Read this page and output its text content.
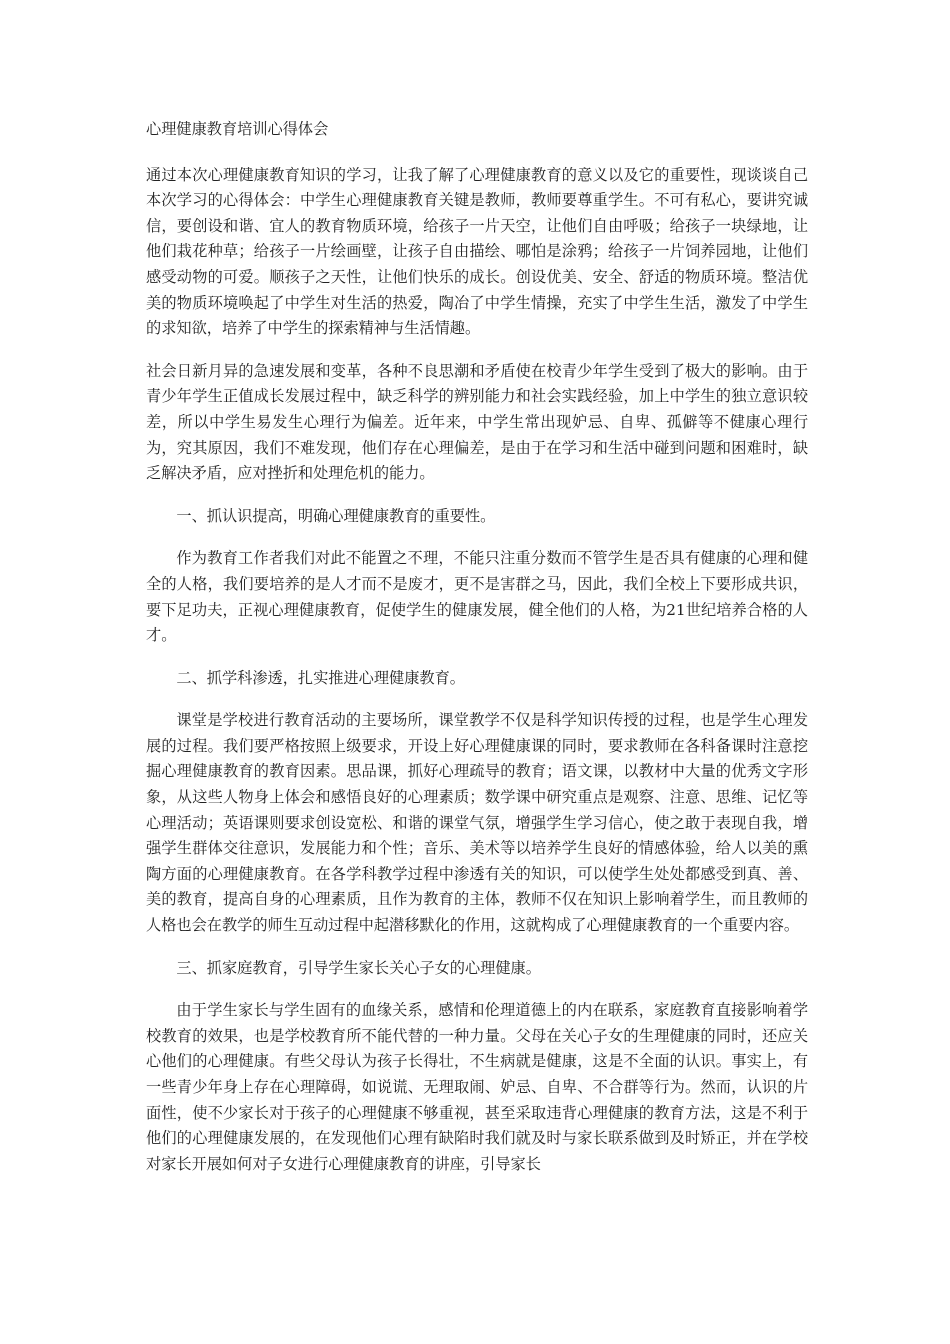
心理健康教育培训心得体会

通过本次心理健康教育知识的学习，让我了解了心理健康教育的意义以及它的重要性，现谈谈自己本次学习的心得体会：中学生心理健康教育关键是教师，教师要尊重学生。不可有私心，要讲究诚信，要创设和谐、宜人的教育物质环境，给孩子一片天空，让他们自由呼吸；给孩子一块绿地，让他们栽花种草；给孩子一片绘画壁，让孩子自由描绘、哪怕是涂鸦；给孩子一片饲养园地，让他们感受动物的可爱。顺孩子之天性，让他们快乐的成长。创设优美、安全、舒适的物质环境。整洁优美的物质环境唤起了中学生对生活的热爱，陶冶了中学生情操，充实了中学生生活，激发了中学生的求知欲，培养了中学生的探索精神与生活情趣。

社会日新月异的急速发展和变革，各种不良思潮和矛盾使在校青少年学生受到了极大的影响。由于青少年学生正值成长发展过程中，缺乏科学的辨别能力和社会实践经验，加上中学生的独立意识较差，所以中学生易发生心理行为偏差。近年来，中学生常出现妒忌、自卑、孤僻等不健康心理行为，究其原因，我们不难发现，他们存在心理偏差，是由于在学习和生活中碰到问题和困难时，缺乏解决矛盾，应对挫折和处理危机的能力。

一、抓认识提高，明确心理健康教育的重要性。

作为教育工作者我们对此不能置之不理，不能只注重分数而不管学生是否具有健康的心理和健全的人格，我们要培养的是人才而不是废才，更不是害群之马，因此，我们全校上下要形成共识，要下足功夫，正视心理健康教育，促使学生的健康发展，健全他们的人格，为21世纪培养合格的人才。

二、抓学科渗透，扎实推进心理健康教育。

课堂是学校进行教育活动的主要场所，课堂教学不仅是科学知识传授的过程，也是学生心理发展的过程。我们要严格按照上级要求，开设上好心理健康课的同时，要求教师在各科备课时注意挖掘心理健康教育的教育因素。思品课，抓好心理疏导的教育；语文课，以教材中大量的优秀文字形象，从这些人物身上体会和感悟良好的心理素质；数学课中研究重点是观察、注意、思维、记忆等心理活动；英语课则要求创设宽松、和谐的课堂气氛，增强学生学习信心，使之敢于表现自我，增强学生群体交往意识，发展能力和个性；音乐、美术等以培养学生良好的情感体验，给人以美的熏陶方面的心理健康教育。在各学科教学过程中渗透有关的知识，可以使学生处处都感受到真、善、美的教育，提高自身的心理素质，且作为教育的主体，教师不仅在知识上影响着学生，而且教师的人格也会在教学的师生互动过程中起潜移默化的作用，这就构成了心理健康教育的一个重要内容。

三、抓家庭教育，引导学生家长关心子女的心理健康。

由于学生家长与学生固有的血缘关系，感情和伦理道德上的内在联系，家庭教育直接影响着学校教育的效果，也是学校教育所不能代替的一种力量。父母在关心子女的生理健康的同时，还应关心他们的心理健康。有些父母认为孩子长得壮，不生病就是健康，这是不全面的认识。事实上，有一些青少年身上存在心理障碍，如说谎、无理取闹、妒忌、自卑、不合群等行为。然而，认识的片面性，使不少家长对于孩子的心理健康不够重视，甚至采取违背心理健康的教育方法，这是不利于他们的心理健康发展的，在发现他们心理有缺陷时我们就及时与家长联系做到及时矫正，并在学校对家长开展如何对子女进行心理健康教育的讲座，引导家长
